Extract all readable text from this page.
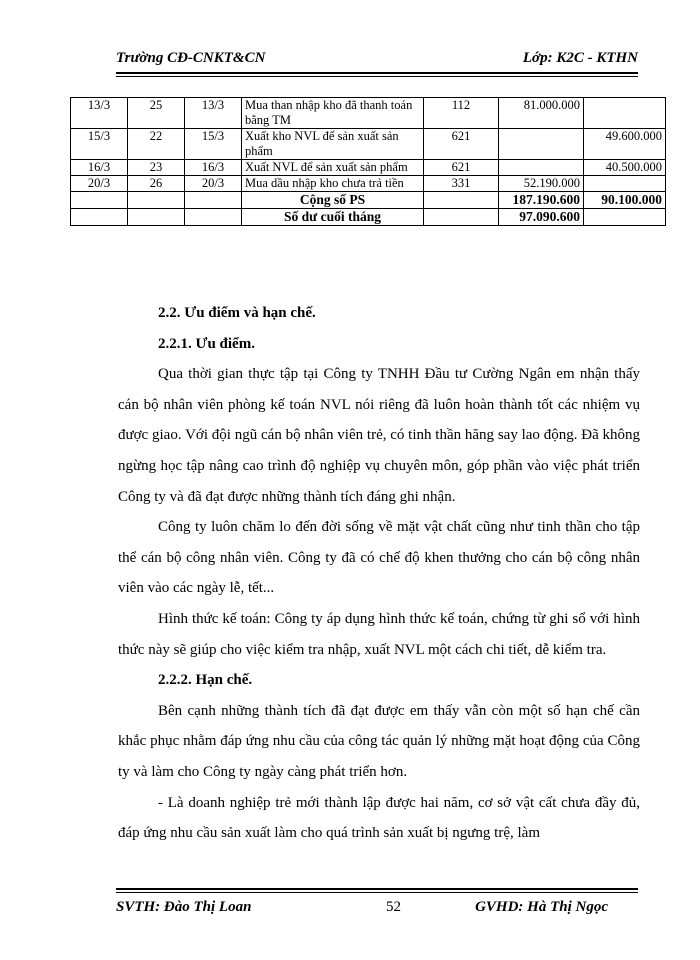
Trường CĐ-CNKT&CN	Lớp: K2C - KTHN
13/3	25	13/3	Mua than nhập kho đã thanh toán bằng TM	112	81.000.000	
15/3	22	15/3	Xuất kho NVL để sản xuất sản phẩm	621		49.600.000
16/3	23	16/3	Xuất NVL để sản xuất sản phẩm	621		40.500.000
20/3	26	20/3	Mua dầu nhập kho chưa trả tiền	331	52.190.000	
			Cộng số PS		187.190.600	90.100.000
			Số dư cuối tháng		97.090.600	
2.2. Ưu điểm và hạn chế.
2.2.1. Ưu điểm.

Qua thời gian thực tập tại Công ty TNHH Đầu tư Cường Ngân em nhận thấy cán bộ nhân viên phòng kế toán NVL nói riêng đã luôn hoàn thành tốt các nhiệm vụ được giao. Với đội ngũ cán bộ nhân viên trẻ, có tinh thần hăng say lao động. Đã không ngừng học tập nâng cao trình độ nghiệp vụ chuyên môn, góp phần vào việc phát triển Công ty và đã đạt được những thành tích đáng ghi nhận.

Công ty luôn chăm lo đến đời sống về mặt vật chất cũng như tinh thần cho tập thể cán bộ công nhân viên. Công ty đã có chế độ khen thưởng cho cán bộ công nhân viên vào các ngày lễ, tết...

Hình thức kế toán: Công ty áp dụng hình thức kế toán, chứng từ ghi sổ với hình thức này sẽ giúp cho việc kiểm tra nhập, xuất NVL một cách chi tiết, dễ kiểm tra.

2.2.2. Hạn chế.

Bên cạnh những thành tích đã đạt được em thấy vẫn còn một số hạn chế cần khắc phục nhằm đáp ứng nhu cầu của công tác quản lý những mặt hoạt động của Công ty và làm cho Công ty ngày càng phát triển hơn.

- Là doanh nghiệp trẻ mới thành lập được hai năm, cơ sở vật cất chưa đầy đủ, đáp ứng nhu cầu sản xuất làm cho quá trình sản xuất bị ngưng trệ, làm

SVTH: Đào Thị Loan	52	GVHD: Hà Thị Ngọc
